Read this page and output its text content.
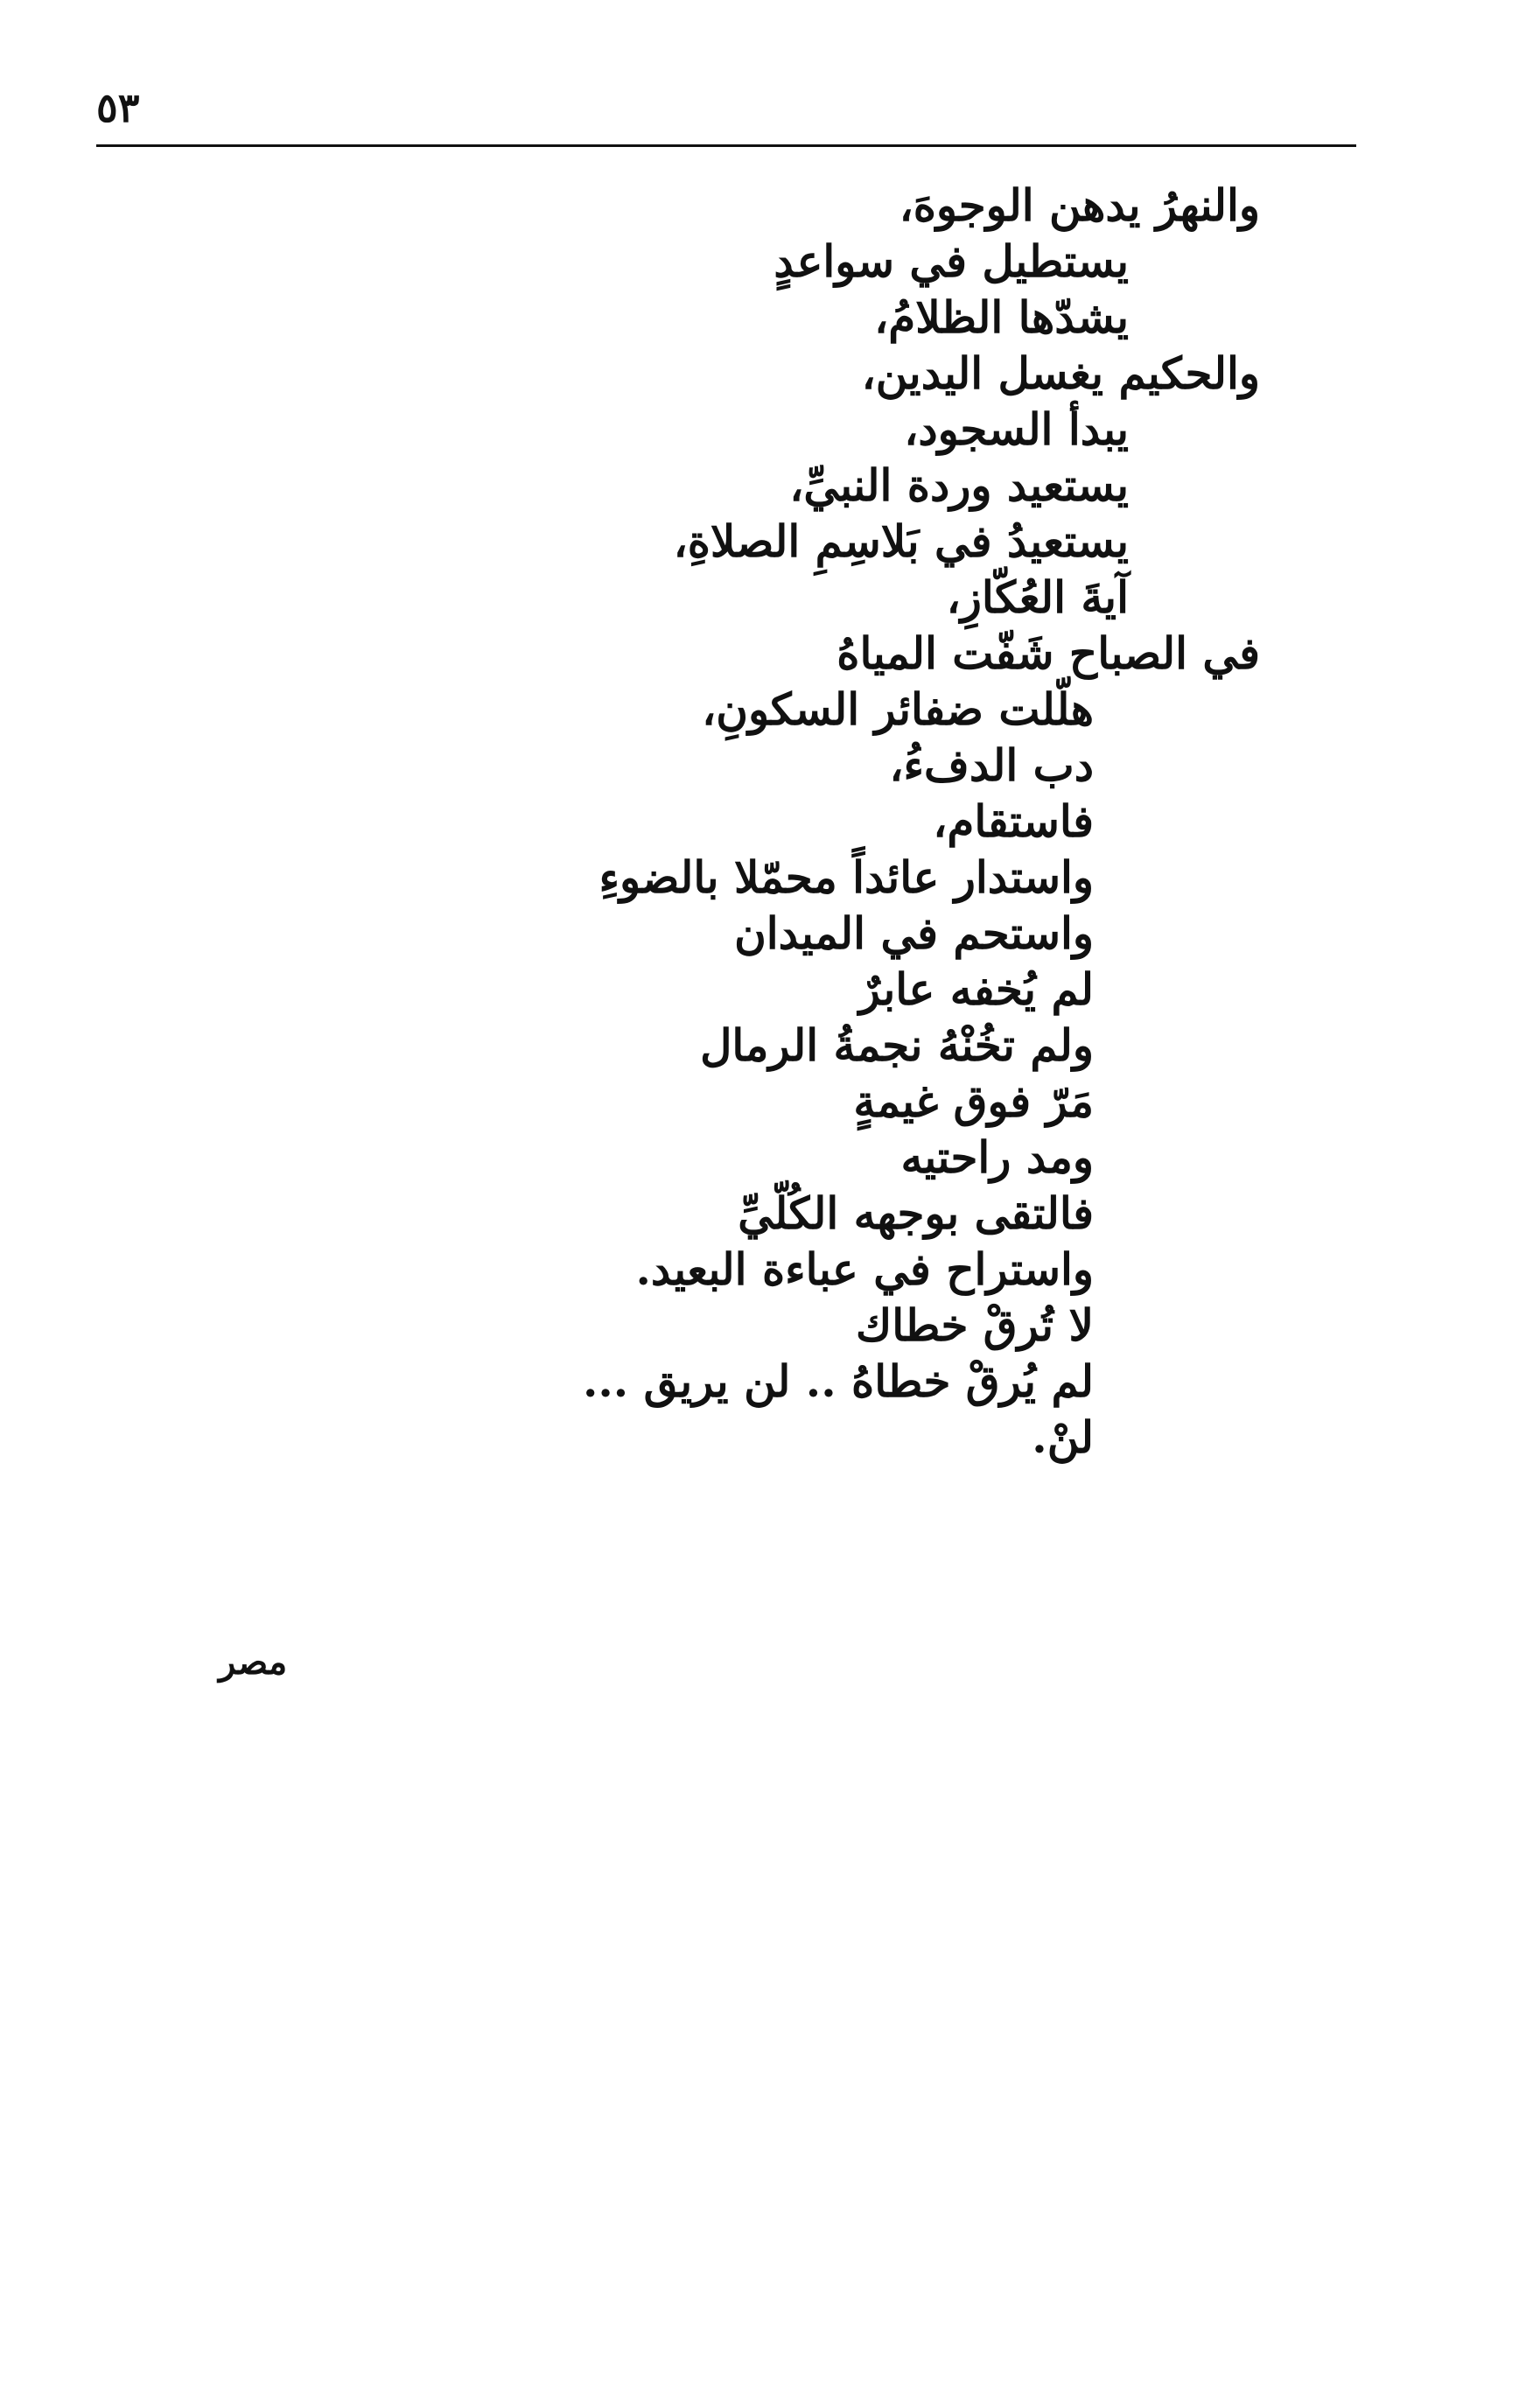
٥٣
والنهرُ يدهن الوجوهَ،
يستطيل في سواعدٍ
يشدّها الظلامُ،
والحكيم يغسل اليدين،
يبدأ السجود،
يستعيد وردة النبيِّ،
يستعيدُ في بَلاسِمِ الصلاةِ،
آيةَ العُكّازِ،
في الصباح شَفّت المياهُ
هلّلت ضفائر السكونِ،
دب الدفءُ،
فاستقام،
واستدار عائداً محمّلا بالضوءِ
واستحم في الميدان
لم يُخفه عابرٌ
ولم تخُنْهُ نجمةُ الرمال
مَرّ فوق غيمةٍ
ومد راحتيه
فالتقى بوجهه الكُلّيِّ
واستراح في عباءة البعيد.
لا تُرقْ خطاك
لم يُرقْ خطاهُ .. لن يريق ...
لنْ.
مصر
